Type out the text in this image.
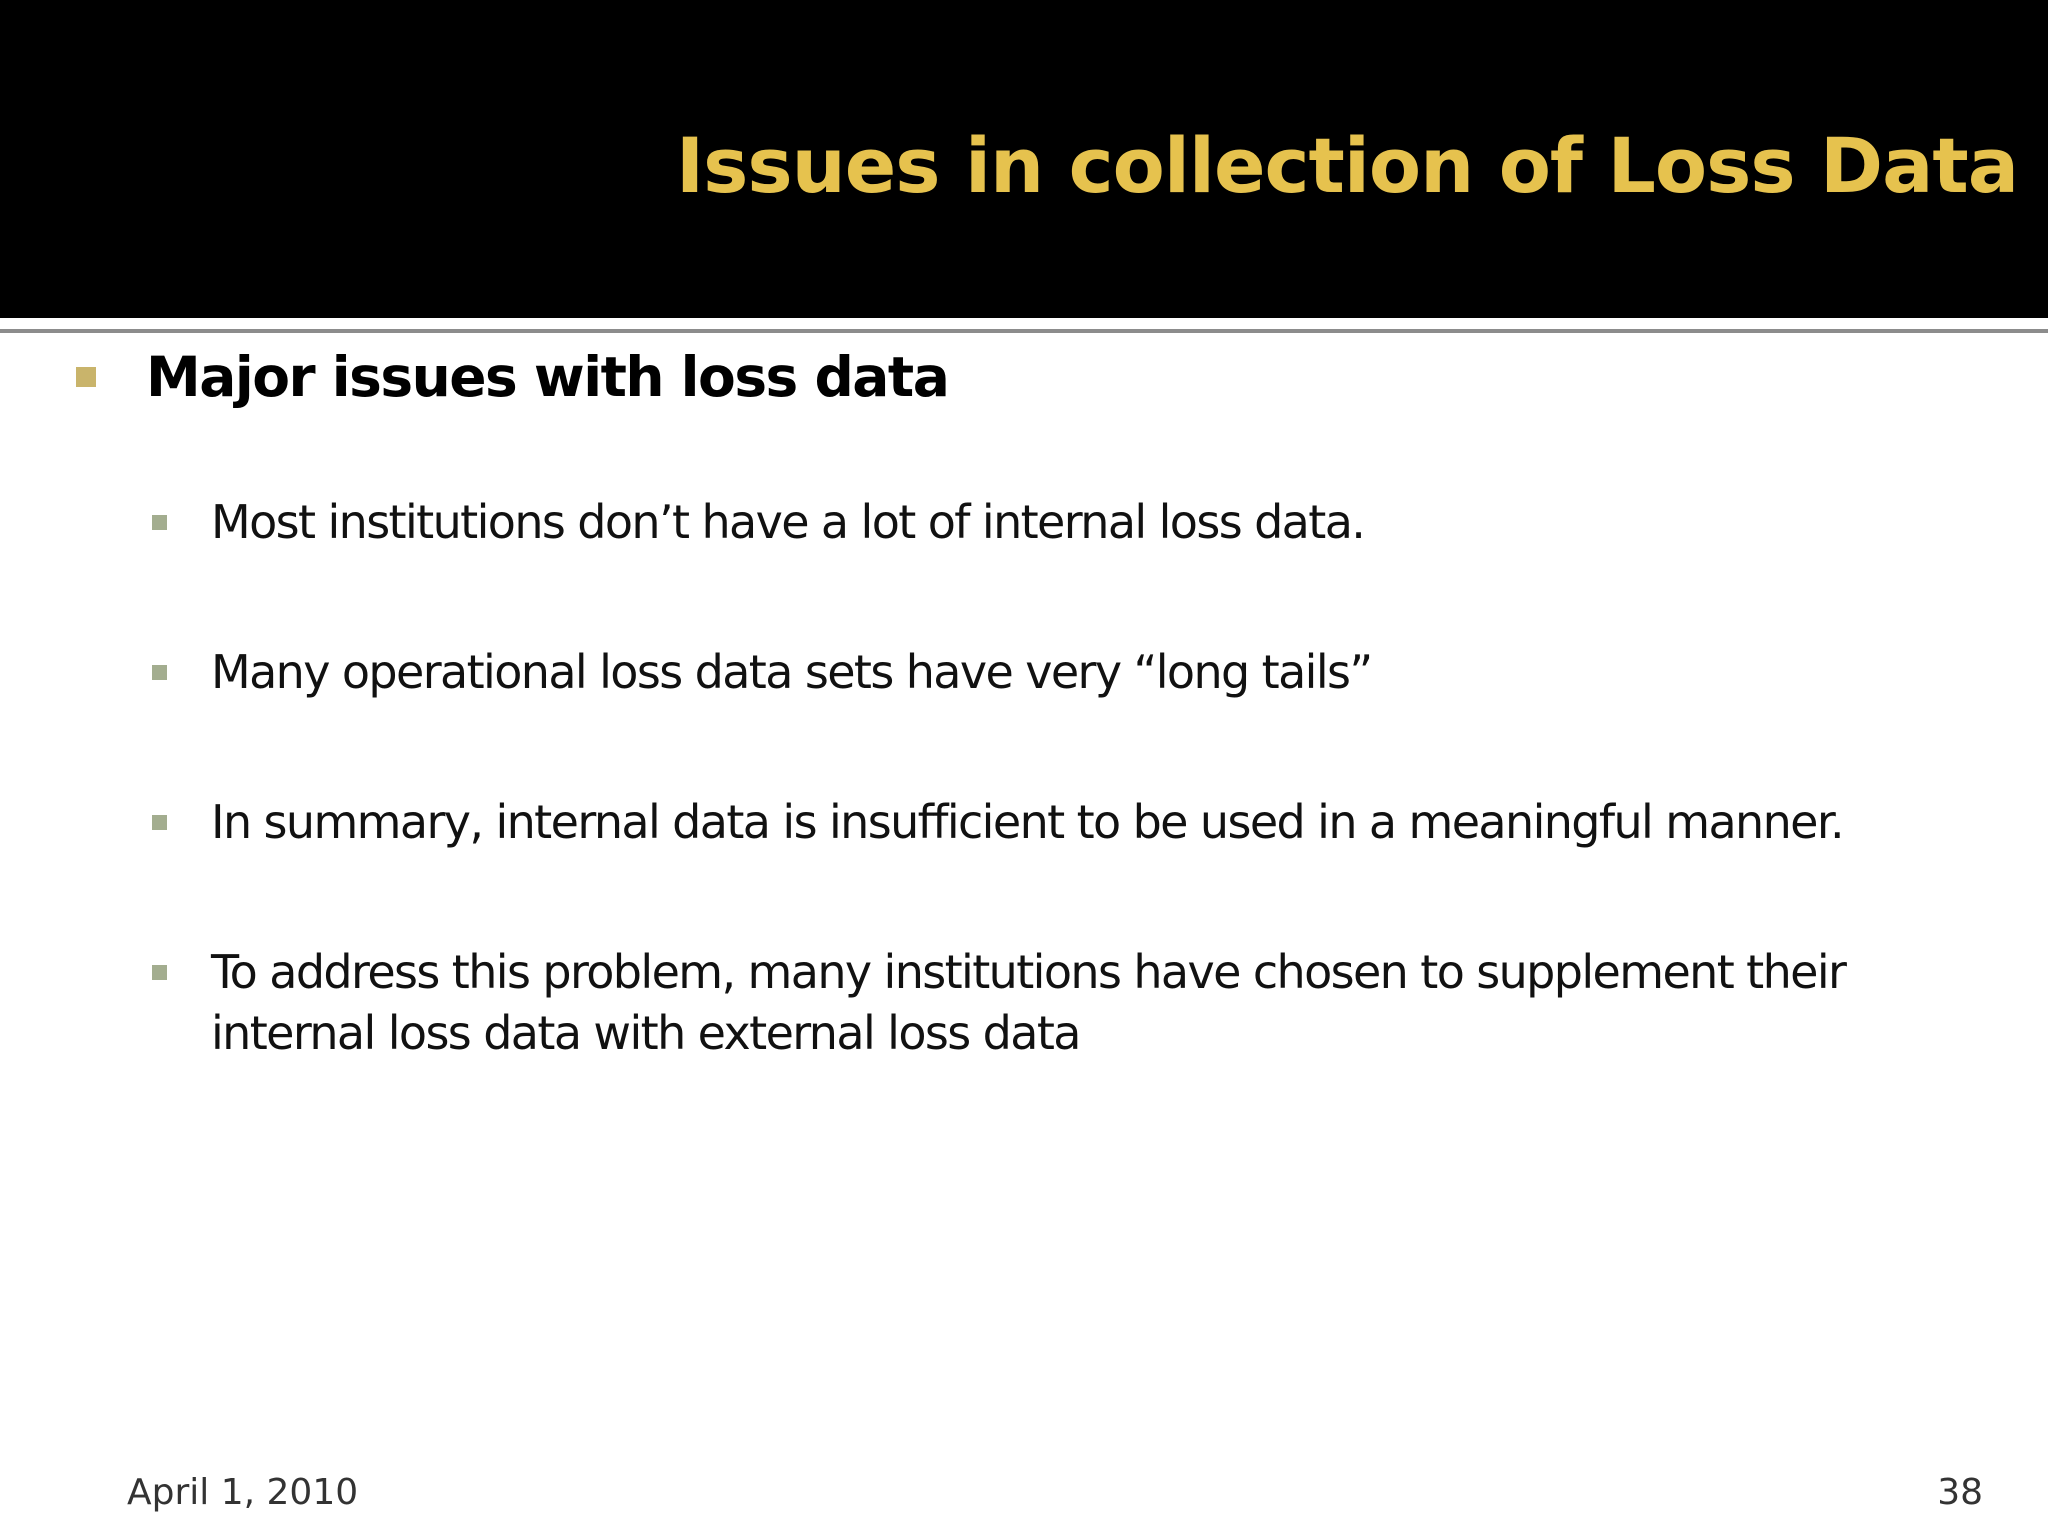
Issues in collection of Loss Data
Major issues with loss data
Most institutions don’t have a lot of internal loss data.
Many operational loss data sets have very “long tails”
In summary, internal data is insufficient to be used in a meaningful manner.
To address this problem, many institutions have chosen to supplement their internal loss data with external loss data
April 1, 2010	38
